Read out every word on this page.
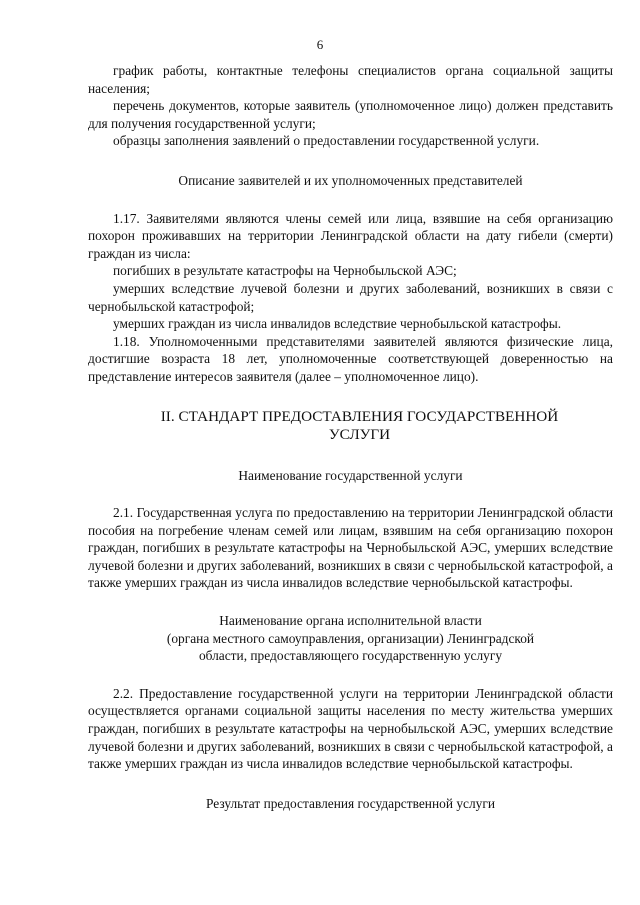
6

график работы, контактные телефоны специалистов органа социальной защиты населения;

перечень документов, которые заявитель (уполномоченное лицо) должен представить для получения государственной услуги;

образцы заполнения заявлений о предоставлении государственной услуги.

Описание заявителей и их уполномоченных представителей

1.17. Заявителями являются члены семей или лица, взявшие на себя организацию похорон проживавших на территории Ленинградской области на дату гибели (смерти) граждан из числа:

погибших в результате катастрофы на Чернобыльской АЭС;

умерших вследствие лучевой болезни и других заболеваний, возникших в связи с чернобыльской катастрофой;

умерших граждан из числа инвалидов вследствие чернобыльской катастрофы.

1.18. Уполномоченными представителями заявителей являются физические лица, достигшие возраста 18 лет, уполномоченные соответствующей доверенностью на представление интересов заявителя (далее – уполномоченное лицо).

II. СТАНДАРТ ПРЕДОСТАВЛЕНИЯ ГОСУДАРСТВЕННОЙ
УСЛУГИ

Наименование государственной услуги

2.1. Государственная услуга по предоставлению на территории Ленинградской области пособия на погребение членам семей или лицам, взявшим на себя организацию похорон граждан, погибших в результате катастрофы на Чернобыльской АЭС, умерших вследствие лучевой болезни и других заболеваний, возникших в связи с чернобыльской катастрофой, а также умерших граждан из числа инвалидов вследствие чернобыльской катастрофы.

Наименование органа исполнительной власти
(органа местного самоуправления, организации) Ленинградской
области, предоставляющего государственную услугу

2.2. Предоставление государственной услуги на территории Ленинградской области осуществляется органами социальной защиты населения по месту жительства умерших граждан, погибших в результате катастрофы на чернобыльской АЭС, умерших вследствие лучевой болезни и других заболеваний, возникших в связи с чернобыльской катастрофой, а также умерших граждан из числа инвалидов вследствие чернобыльской катастрофы.

Результат предоставления государственной услуги
